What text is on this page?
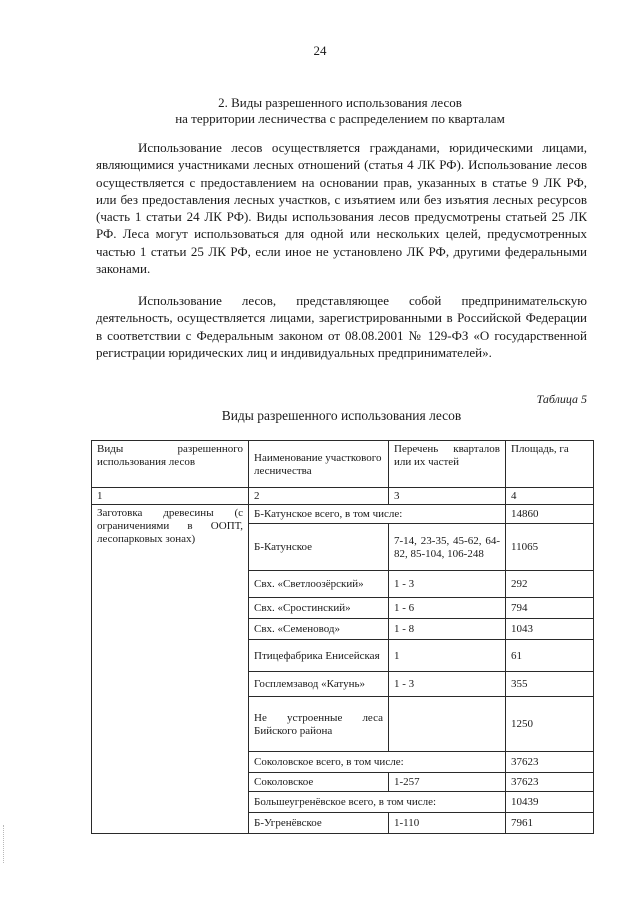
24
2. Виды разрешенного использования лесов
на территории лесничества с распределением по кварталам

Использование лесов осуществляется гражданами, юридическими лицами, являющимися участниками лесных отношений (статья 4 ЛК РФ). Использование лесов осуществляется с предоставлением на основании прав, указанных в статье 9 ЛК РФ, или без предоставления лесных участков, с изъятием или без изъятия лесных ресурсов (часть 1 статьи 24 ЛК РФ). Виды использования лесов предусмотрены статьей 25 ЛК РФ. Леса могут использоваться для одной или нескольких целей, предусмотренных частью 1 статьи 25 ЛК РФ, если иное не установлено ЛК РФ, другими федеральными законами.

Использование лесов, представляющее собой предпринимательскую деятельность, осуществляется лицами, зарегистрированными в Российской Федерации в соответствии с Федеральным законом от 08.08.2001 № 129-ФЗ «О государственной регистрации юридических лиц и индивидуальных предпринимателей».

Таблица 5
Виды разрешенного использования лесов
Виды разрешенного использования лесов	Наименование участкового лесничества	Перечень кварталов или их частей	Площадь, га
1	2	3	4
Заготовка древесины (с ограничениями в ООПТ, лесопарковых зонах)	Б-Катунское всего, в том числе:		14860
	Б-Катунское	7-14, 23-35, 45-62, 64-82, 85-104, 106-248	11065
	Свх. «Светлоозёрский»	1 - 3	292
	Свх. «Сростинский»	1 - 6	794
	Свх. «Семеновод»	1 - 8	1043
	Птицефабрика Енисейская	1	61
	Госплемзавод «Катунь»	1 - 3	355
	Не устроенные леса Бийского района		1250
	Соколовское всего, в том числе:		37623
	Соколовское	1-257	37623
	Большеугренёвское всего, в том числе:		10439
	Б-Угренёвское	1-110	7961
